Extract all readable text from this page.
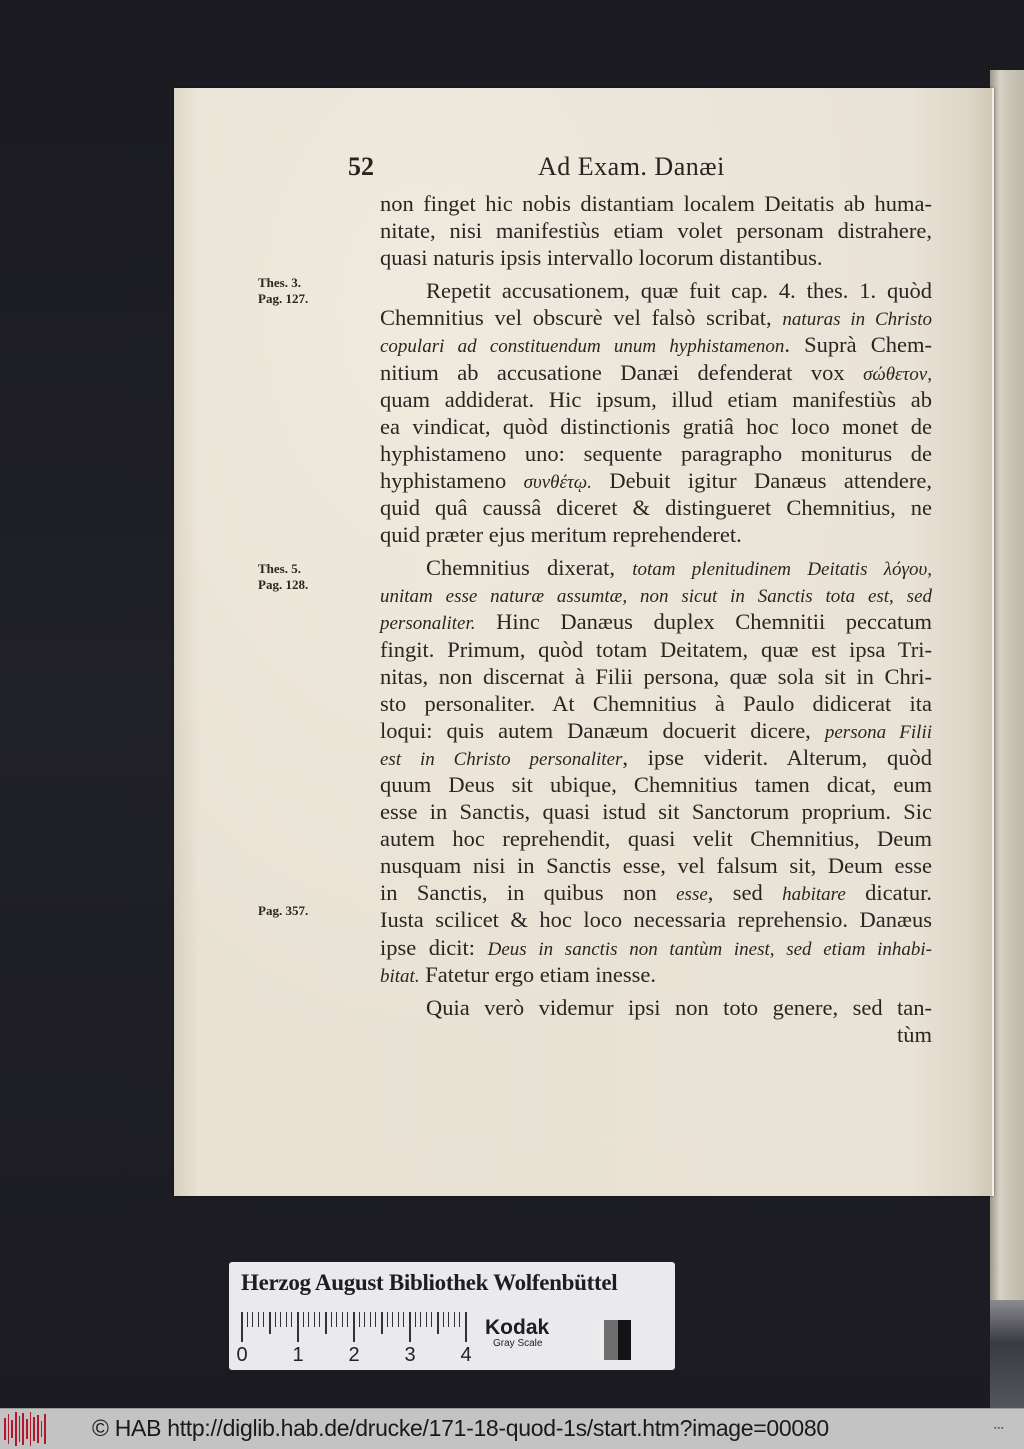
52	Ad Exam. Danæi
Thes. 3.
Pag. 127.
Thes. 5.
Pag. 128.
Pag. 357.
non finget hic nobis distantiam localem Deitatis ab huma-
nitate, nisi manifestiùs etiam volet personam distrahere,
quasi naturis ipsis intervallo locorum distantibus.
Repetit accusationem, quæ fuit cap. 4. thes. 1. quòd
Chemnitius vel obscurè vel falsò scribat, naturas in Christo
copulari ad constituendum unum hyphistamenon. Suprà Chem-
nitium ab accusatione Danæi defenderat vox σώθετον,
quam addiderat. Hic ipsum, illud etiam manifestiùs ab
ea vindicat, quòd distinctionis gratiâ hoc loco monet de
hyphistameno uno: sequente paragrapho moniturus de
hyphistameno συνθέτῳ. Debuit igitur Danæus attendere,
quid quâ caussâ diceret & distingueret Chemnitius, ne
quid præter ejus meritum reprehenderet.
Chemnitius dixerat, totam plenitudinem Deitatis λόγου,
unitam esse naturæ assumtæ, non sicut in Sanctis tota est, sed
personaliter. Hinc Danæus duplex Chemnitii peccatum
fingit. Primum, quòd totam Deitatem, quæ est ipsa Tri-
nitas, non discernat à Filii persona, quæ sola sit in Chri-
sto personaliter. At Chemnitius à Paulo didicerat ita
loqui: quis autem Danæum docuerit dicere, persona Filii
est in Christo personaliter, ipse viderit. Alterum, quòd
quum Deus sit ubique, Chemnitius tamen dicat, eum
esse in Sanctis, quasi istud sit Sanctorum proprium. Sic
autem hoc reprehendit, quasi velit Chemnitius, Deum
nusquam nisi in Sanctis esse, vel falsum sit, Deum esse
in Sanctis, in quibus non esse, sed habitare dicatur.
Iusta scilicet & hoc loco necessaria reprehensio. Danæus
ipse dicit: Deus in sanctis non tantùm inest, sed etiam inhabi-
bitat. Fatetur ergo etiam inesse.
Quia verò videmur ipsi non toto genere, sed tan-
tùm
Herzog August Bibliothek Wolfenbüttel
0 1 2 3 4
Kodak
Gray Scale
© HAB http://diglib.hab.de/drucke/171-18-quod-1s/start.htm?image=00080	▪▪▪
